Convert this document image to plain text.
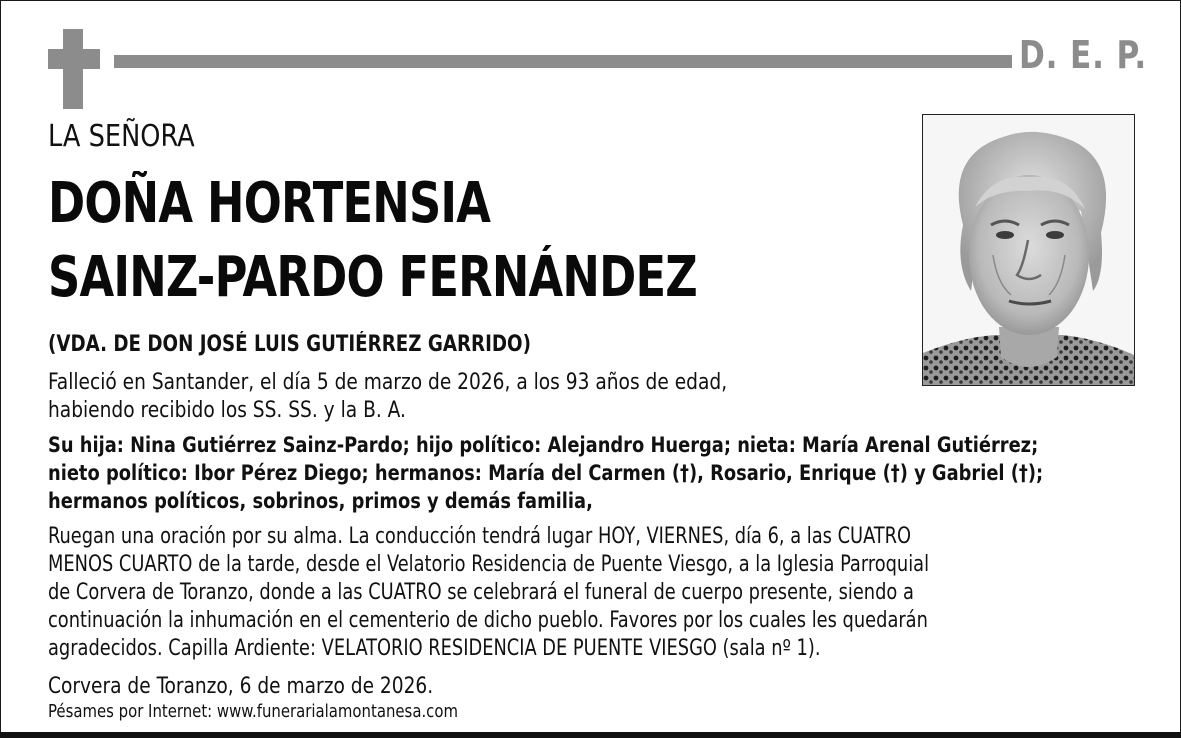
D. E. P.
LA SEÑORA
DOÑA HORTENSIA
SAINZ-PARDO FERNÁNDEZ
(VDA. DE DON JOSÉ LUIS GUTIÉRREZ GARRIDO)
Falleció en Santander, el día 5 de marzo de 2026, a los 93 años de edad,
habiendo recibido los SS. SS. y la B. A.
Su hija: Nina Gutiérrez Sainz-Pardo; hijo político: Alejandro Huerga; nieta: María Arenal Gutiérrez;
nieto político: Ibor Pérez Diego; hermanos: María del Carmen (†), Rosario, Enrique (†) y Gabriel (†);
hermanos políticos, sobrinos, primos y demás familia,
Ruegan una oración por su alma. La conducción tendrá lugar HOY, VIERNES, día 6, a las CUATRO
MENOS CUARTO de la tarde, desde el Velatorio Residencia de Puente Viesgo, a la Iglesia Parroquial
de Corvera de Toranzo, donde a las CUATRO se celebrará el funeral de cuerpo presente, siendo a
continuación la inhumación en el cementerio de dicho pueblo. Favores por los cuales les quedarán
agradecidos. Capilla Ardiente: VELATORIO RESIDENCIA DE PUENTE VIESGO (sala nº 1).
Corvera de Toranzo, 6 de marzo de 2026.
Pésames por Internet: www.funerarialamontanesa.com
